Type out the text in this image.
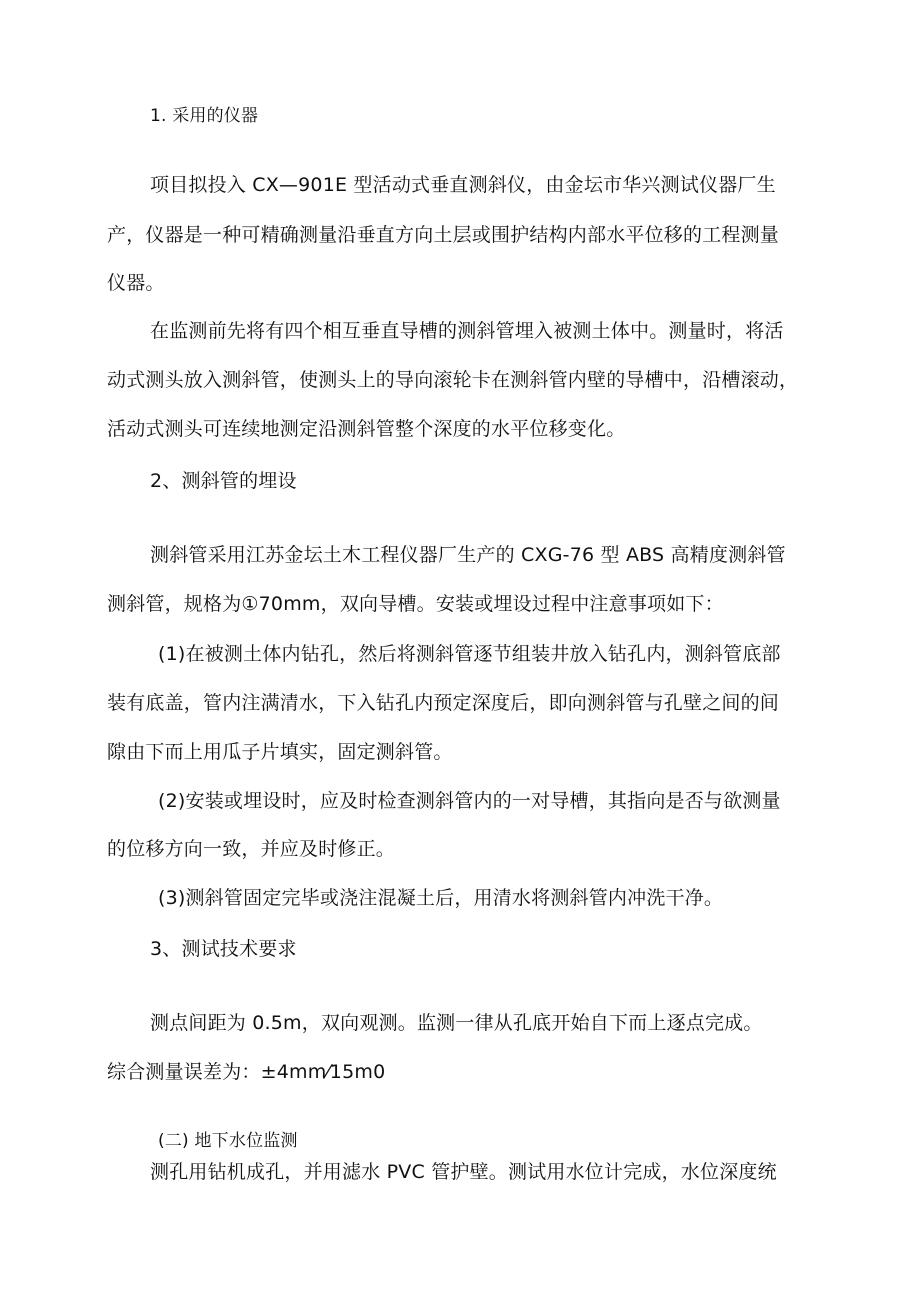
1. 采用的仪器
项目拟投入 CX—901E 型活动式垂直测斜仪，由金坛市华兴测试仪器厂生
产，仪器是一种可精确测量沿垂直方向土层或围护结构内部水平位移的工程测量
仪器。
在监测前先将有四个相互垂直导槽的测斜管埋入被测土体中。测量时，将活
动式测头放入测斜管，使测头上的导向滚轮卡在测斜管内壁的导槽中，沿槽滚动，
活动式测头可连续地测定沿测斜管整个深度的水平位移变化。
2、测斜管的埋设
测斜管采用江苏金坛土木工程仪器厂生产的 CXG-76 型 ABS 高精度测斜管
测斜管，规格为①70mm，双向导槽。安装或埋设过程中注意事项如下：
(1)在被测土体内钻孔，然后将测斜管逐节组装井放入钻孔内，测斜管底部
装有底盖，管内注满清水，下入钻孔内预定深度后，即向测斜管与孔壁之间的间
隙由下而上用瓜子片填实，固定测斜管。
(2)安装或埋设时，应及时检查测斜管内的一对导槽，其指向是否与欲测量
的位移方向一致，并应及时修正。
(3)测斜管固定完毕或浇注混凝土后，用清水将测斜管内冲洗干净。
3、测试技术要求
测点间距为 0.5m，双向观测。监测一律从孔底开始自下而上逐点完成。
综合测量误差为：±4mm⁄15m0
(二) 地下水位监测
测孔用钻机成孔，并用滤水 PVC 管护壁。测试用水位计完成，水位深度统
